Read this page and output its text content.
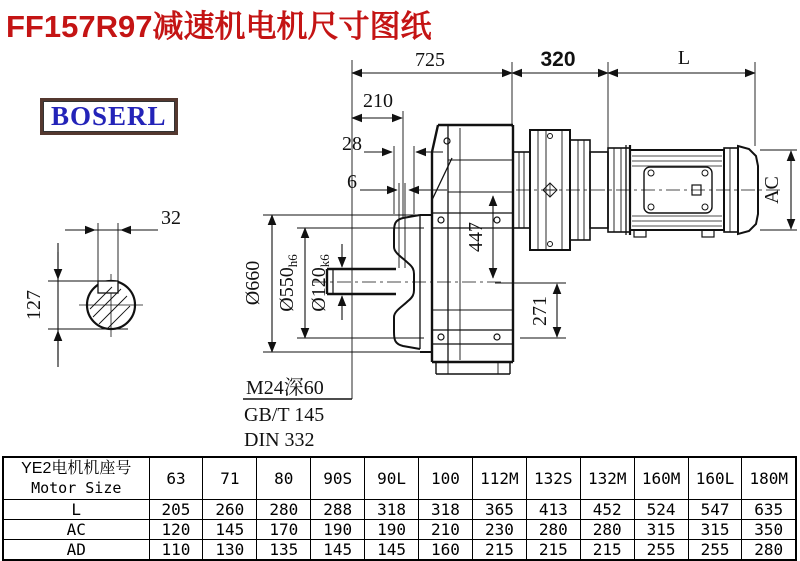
FF157R97减速机电机尺寸图纸
BOSERL
725	320	L
210
28
6
32
127	Ø660 $Ø550_{h6}$
$Ø120_{k6}$
447
271
AC
M24深60
GB/T 145
DIN 332
YE2电机机座号
Motor Size	63	71	80	90S	90L	100	112M	132S	132M	160M	160L	180M
L	205	260	280	288	318	318	365	413	452	524	547	635
AC	120	145	170	190	190	210	230	280	280	315	315	350
AD	110	130	135	145	145	160	215	215	215	255	255	280
